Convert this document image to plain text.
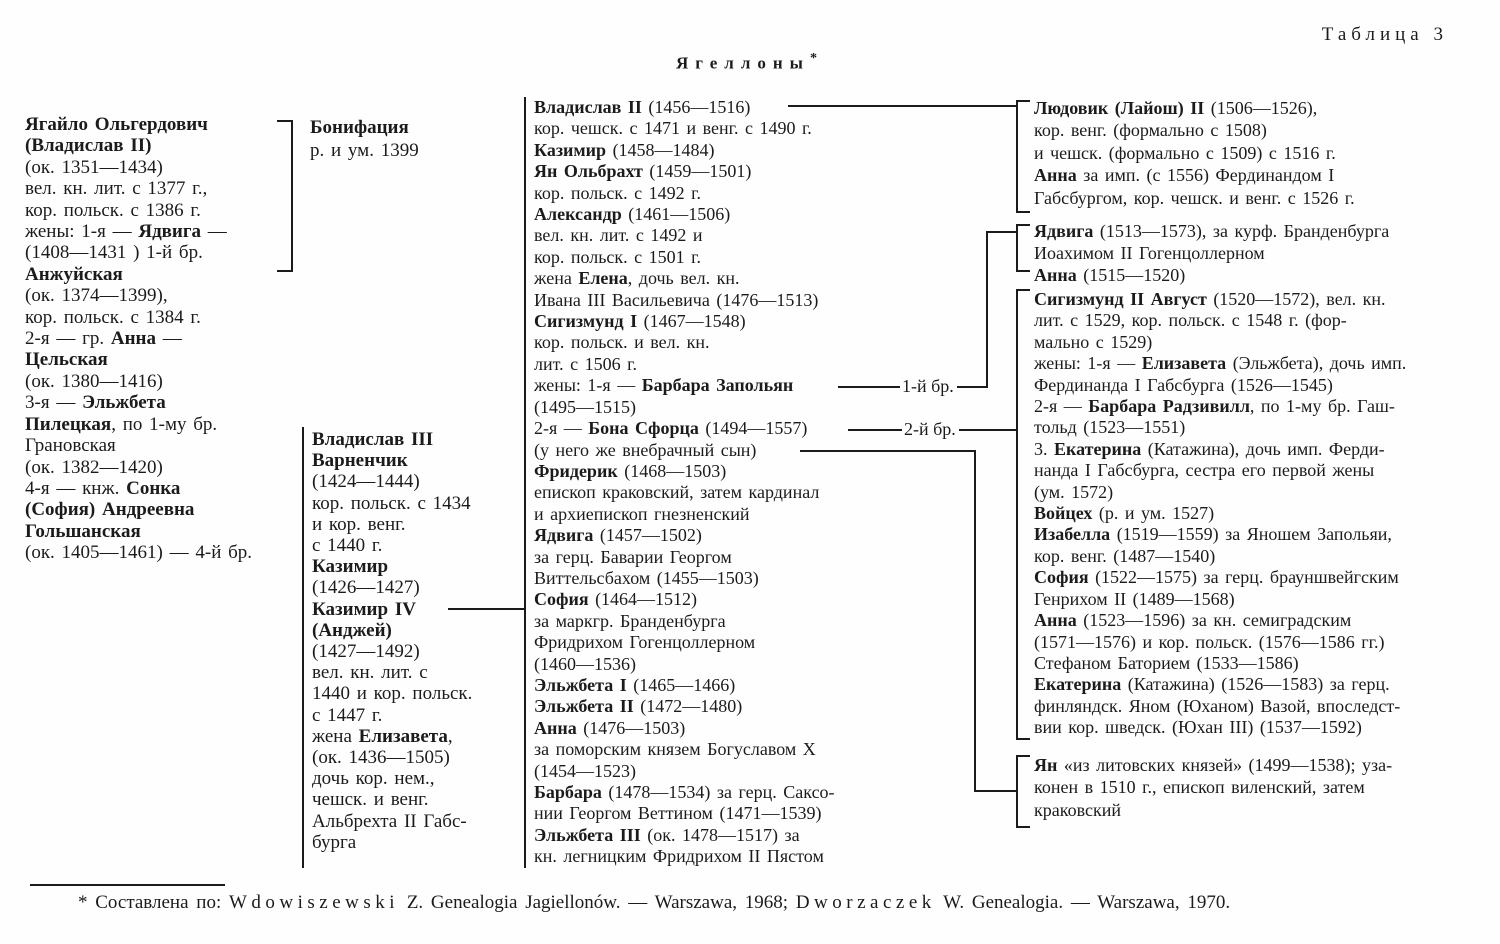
Таблица 3
Ягеллоны*
Ягайло Ольгердович
(Владислав II)
(ок. 1351—1434)
вел. кн. лит. с 1377 г.,
кор. польск. с 1386 г.
жены: 1-я — Ядвига —
(1408—1431 ) 1-й бр.
Анжуйская
(ок. 1374—1399),
кор. польск. с 1384 г.
2-я — гр. Анна —
Цельская
(ок. 1380—1416)
3-я — Эльжбета
Пилецкая, по 1-му бр.
Грановская
(ок. 1382—1420)
4-я — кнж. Сонка
(София) Андреевна
Гольшанская
(ок. 1405—1461) — 4-й бр.
Бонифация
р. и ум. 1399
Владислав III
Варненчик
(1424—1444)
кор. польск. с 1434
и кор. венг.
с 1440 г.
Казимир
(1426—1427)
Казимир IV
(Анджей)
(1427—1492)
вел. кн. лит. с
1440 и кор. польск.
с 1447 г.
жена Елизавета,
(ок. 1436—1505)
дочь кор. нем.,
чешск. и венг.
Альбрехта II Габс-
бурга
Владислав II (1456—1516)
кор. чешск. с 1471 и венг. с 1490 г.
Казимир (1458—1484)
Ян Ольбрахт (1459—1501)
кор. польск. с 1492 г.
Александр (1461—1506)
вел. кн. лит. с 1492 и
кор. польск. с 1501 г.
жена Елена, дочь вел. кн.
Ивана III Васильевича (1476—1513)
Сигизмунд I (1467—1548)
кор. польск. и вел. кн.
лит. с 1506 г.
жены: 1-я — Барбара Запольян
(1495—1515)
2-я — Бона Сфорца (1494—1557)
(у него же внебрачный сын)
Фридерик (1468—1503)
епископ краковский, затем кардинал
и архиепископ гнезненский
Ядвига (1457—1502)
за герц. Баварии Георгом
Виттельсбахом (1455—1503)
София (1464—1512)
за маркгр. Бранденбурга
Фридрихом Гогенцоллерном
(1460—1536)
Эльжбета I (1465—1466)
Эльжбета II (1472—1480)
Анна (1476—1503)
за поморским князем Богуславом X
(1454—1523)
Барбара (1478—1534) за герц. Саксо-
нии Георгом Веттином (1471—1539)
Эльжбета III (ок. 1478—1517) за
кн. легницким Фридрихом II Пястом
1-й бр.
2-й бр.
Людовик (Лайош) II (1506—1526),
кор. венг. (формально с 1508)
и чешск. (формально с 1509) с 1516 г.
Анна за имп. (с 1556) Фердинандом I
Габсбургом, кор. чешск. и венг. с 1526 г.
Ядвига (1513—1573), за курф. Бранденбурга
Иоахимом II Гогенцоллерном
Анна (1515—1520)
Сигизмунд II Август (1520—1572), вел. кн.
лит. с 1529, кор. польск. с 1548 г. (фор-
мально с 1529)
жены: 1-я — Елизавета (Эльжбета), дочь имп.
Фердинанда I Габсбурга (1526—1545)
2-я — Барбара Радзивилл, по 1-му бр. Гаш-
тольд (1523—1551)
3. Екатерина (Катажина), дочь имп. Ферди-
нанда I Габсбурга, сестра его первой жены
(ум. 1572)
Войцех (р. и ум. 1527)
Изабелла (1519—1559) за Яношем Запольяи,
кор. венг. (1487—1540)
София (1522—1575) за герц. брауншвейгским
Генрихом II (1489—1568)
Анна (1523—1596) за кн. семиградским
(1571—1576) и кор. польск. (1576—1586 гг.)
Стефаном Баторием (1533—1586)
Екатерина (Катажина) (1526—1583) за герц.
финляндск. Яном (Юханом) Вазой, впоследст-
вии кор. шведск. (Юхан III) (1537—1592)
Ян «из литовских князей» (1499—1538); уза-
конен в 1510 г., епископ виленский, затем
краковский
* Составлена по: Wdowiszewski Z. Genealogia Jagiellonów. — Warszawa, 1968; Dworzaczek W. Genealogia. — Warszawa, 1970.
